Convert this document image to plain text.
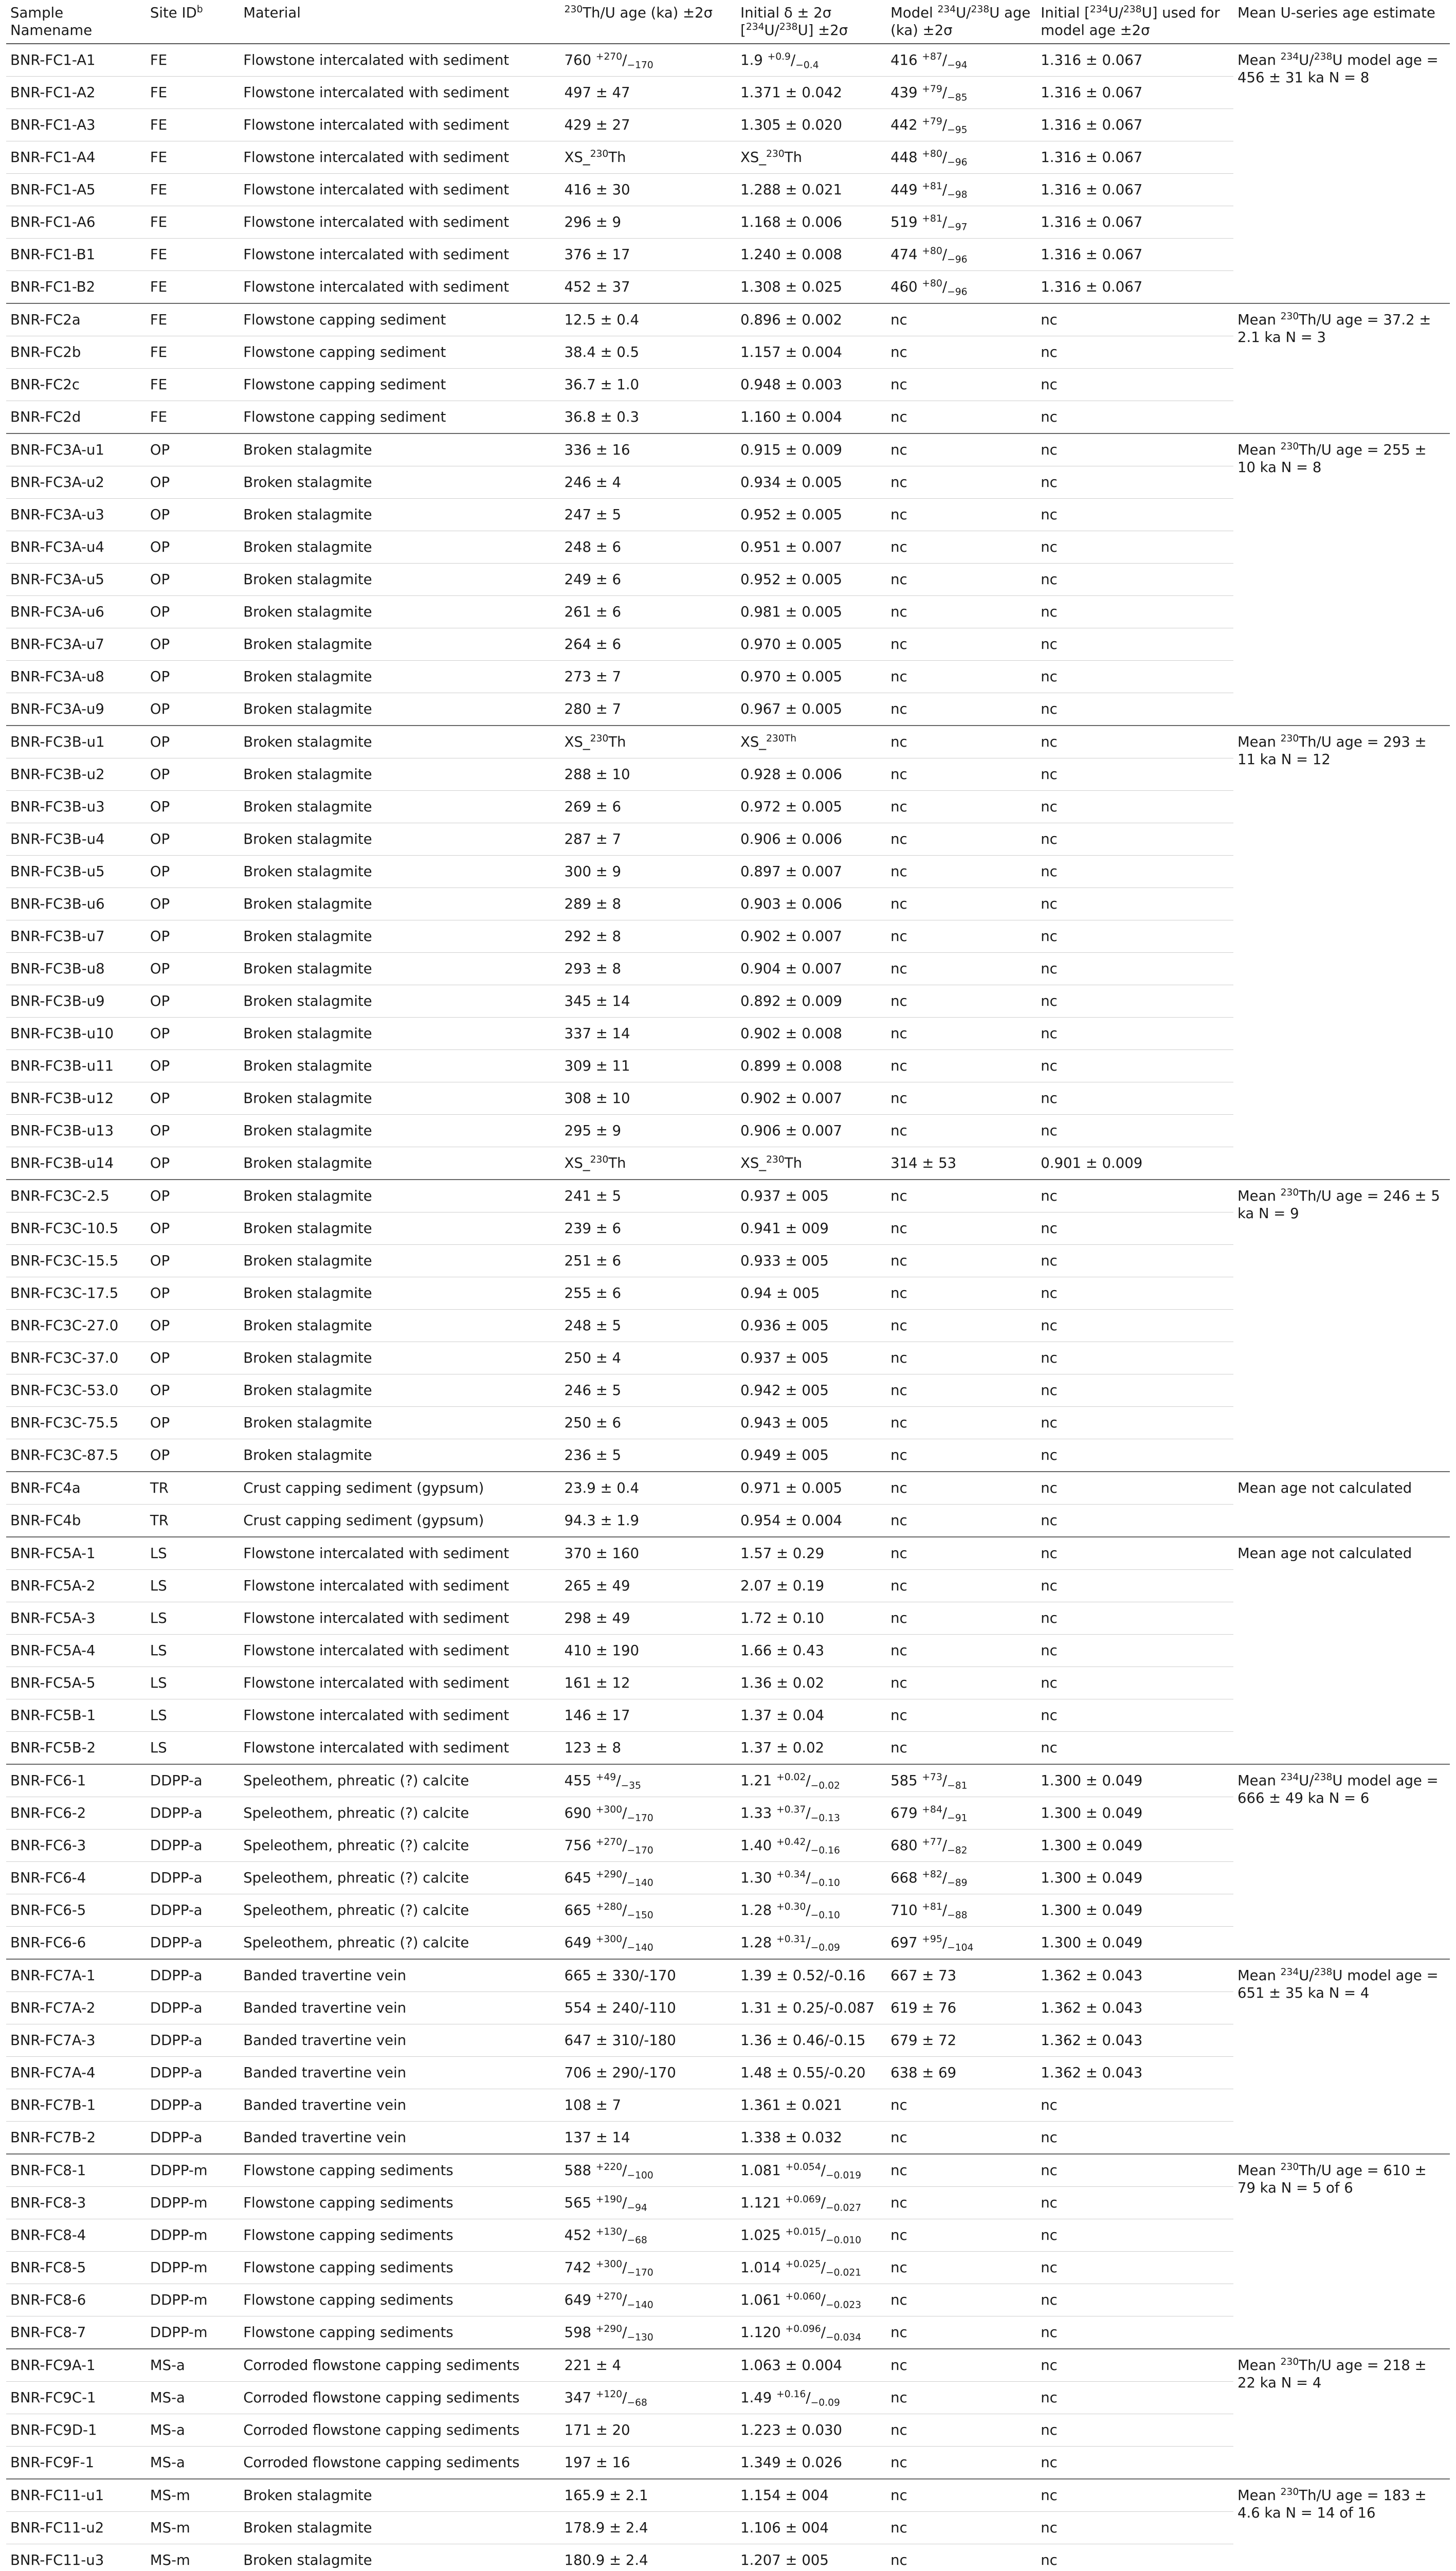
Sample Namename	Site $ID^b$	Material	$^{230}$Th/U age (ka) ±2σ	Initial δ ± 2σ [$^{234}$U/$^{238}$U] ±2σ	Model $^{234}$U/$^{238}$U age (ka) ±2σ	Initial [$^{234}$U/$^{238}$U] used for model age ±2σ	Mean U-series age estimate
BNR-FC1-A1	FE	Flowstone intercalated with sediment	760 $^{+270}/_{-170}$	1.9 $^{+0.9}/_{-0.4}$	416 $^{+87}/_{-94}$	1.316 ± 0.067	Mean $^{234}$U/$^{238}$U model age = 456 ± 31 ka N = 8
BNR-FC1-A2	FE	Flowstone intercalated with sediment	497 ± 47	1.371 ± 0.042	439 $^{+79}/_{-85}$	1.316 ± 0.067	
BNR-FC1-A3	FE	Flowstone intercalated with sediment	429 ± 27	1.305 ± 0.020	442 $^{+79}/_{-95}$	1.316 ± 0.067	
BNR-FC1-A4	FE	Flowstone intercalated with sediment	XS_$^{230}$Th	XS_$^{230}$Th	448 $^{+80}/_{-96}$	1.316 ± 0.067	
BNR-FC1-A5	FE	Flowstone intercalated with sediment	416 ± 30	1.288 ± 0.021	449 $^{+81}/_{-98}$	1.316 ± 0.067	
BNR-FC1-A6	FE	Flowstone intercalated with sediment	296 ± 9	1.168 ± 0.006	519 $^{+81}/_{-97}$	1.316 ± 0.067	
BNR-FC1-B1	FE	Flowstone intercalated with sediment	376 ± 17	1.240 ± 0.008	474 $^{+80}/_{-96}$	1.316 ± 0.067	
BNR-FC1-B2	FE	Flowstone intercalated with sediment	452 ± 37	1.308 ± 0.025	460 $^{+80}/_{-96}$	1.316 ± 0.067	
BNR-FC2a	FE	Flowstone capping sediment	12.5 ± 0.4	0.896 ± 0.002	nc	nc	Mean $^{230}$Th/U age = 37.2 ± 2.1 ka N = 3
BNR-FC2b	FE	Flowstone capping sediment	38.4 ± 0.5	1.157 ± 0.004	nc	nc	
BNR-FC2c	FE	Flowstone capping sediment	36.7 ± 1.0	0.948 ± 0.003	nc	nc	
BNR-FC2d	FE	Flowstone capping sediment	36.8 ± 0.3	1.160 ± 0.004	nc	nc	
BNR-FC3A-u1	OP	Broken stalagmite	336 ± 16	0.915 ± 0.009	nc	nc	Mean $^{230}$Th/U age = 255 ± 10 ka N = 8
BNR-FC3A-u2	OP	Broken stalagmite	246 ± 4	0.934 ± 0.005	nc	nc	
BNR-FC3A-u3	OP	Broken stalagmite	247 ± 5	0.952 ± 0.005	nc	nc	
BNR-FC3A-u4	OP	Broken stalagmite	248 ± 6	0.951 ± 0.007	nc	nc	
BNR-FC3A-u5	OP	Broken stalagmite	249 ± 6	0.952 ± 0.005	nc	nc	
BNR-FC3A-u6	OP	Broken stalagmite	261 ± 6	0.981 ± 0.005	nc	nc	
BNR-FC3A-u7	OP	Broken stalagmite	264 ± 6	0.970 ± 0.005	nc	nc	
BNR-FC3A-u8	OP	Broken stalagmite	273 ± 7	0.970 ± 0.005	nc	nc	
BNR-FC3A-u9	OP	Broken stalagmite	280 ± 7	0.967 ± 0.005	nc	nc	
BNR-FC3B-u1	OP	Broken stalagmite	XS_$^{230}$Th	XS_$^{230Th}$	nc	nc	Mean $^{230}$Th/U age = 293 ± 11 ka N = 12
BNR-FC3B-u2	OP	Broken stalagmite	288 ± 10	0.928 ± 0.006	nc	nc	
BNR-FC3B-u3	OP	Broken stalagmite	269 ± 6	0.972 ± 0.005	nc	nc	
BNR-FC3B-u4	OP	Broken stalagmite	287 ± 7	0.906 ± 0.006	nc	nc	
BNR-FC3B-u5	OP	Broken stalagmite	300 ± 9	0.897 ± 0.007	nc	nc	
BNR-FC3B-u6	OP	Broken stalagmite	289 ± 8	0.903 ± 0.006	nc	nc	
BNR-FC3B-u7	OP	Broken stalagmite	292 ± 8	0.902 ± 0.007	nc	nc	
BNR-FC3B-u8	OP	Broken stalagmite	293 ± 8	0.904 ± 0.007	nc	nc	
BNR-FC3B-u9	OP	Broken stalagmite	345 ± 14	0.892 ± 0.009	nc	nc	
BNR-FC3B-u10	OP	Broken stalagmite	337 ± 14	0.902 ± 0.008	nc	nc	
BNR-FC3B-u11	OP	Broken stalagmite	309 ± 11	0.899 ± 0.008	nc	nc	
BNR-FC3B-u12	OP	Broken stalagmite	308 ± 10	0.902 ± 0.007	nc	nc	
BNR-FC3B-u13	OP	Broken stalagmite	295 ± 9	0.906 ± 0.007	nc	nc	
BNR-FC3B-u14	OP	Broken stalagmite	XS_$^{230}$Th	XS_$^{230}$Th	314 ± 53	0.901 ± 0.009	
BNR-FC3C-2.5	OP	Broken stalagmite	241 ± 5	0.937 ± 005	nc	nc	Mean $^{230}$Th/U age = 246 ± 5 ka N = 9
BNR-FC3C-10.5	OP	Broken stalagmite	239 ± 6	0.941 ± 009	nc	nc	
BNR-FC3C-15.5	OP	Broken stalagmite	251 ± 6	0.933 ± 005	nc	nc	
BNR-FC3C-17.5	OP	Broken stalagmite	255 ± 6	0.94 ± 005	nc	nc	
BNR-FC3C-27.0	OP	Broken stalagmite	248 ± 5	0.936 ± 005	nc	nc	
BNR-FC3C-37.0	OP	Broken stalagmite	250 ± 4	0.937 ± 005	nc	nc	
BNR-FC3C-53.0	OP	Broken stalagmite	246 ± 5	0.942 ± 005	nc	nc	
BNR-FC3C-75.5	OP	Broken stalagmite	250 ± 6	0.943 ± 005	nc	nc	
BNR-FC3C-87.5	OP	Broken stalagmite	236 ± 5	0.949 ± 005	nc	nc	
BNR-FC4a	TR	Crust capping sediment (gypsum)	23.9 ± 0.4	0.971 ± 0.005	nc	nc	Mean age not calculated
BNR-FC4b	TR	Crust capping sediment (gypsum)	94.3 ± 1.9	0.954 ± 0.004	nc	nc	
BNR-FC5A-1	LS	Flowstone intercalated with sediment	370 ± 160	1.57 ± 0.29	nc	nc	Mean age not calculated
BNR-FC5A-2	LS	Flowstone intercalated with sediment	265 ± 49	2.07 ± 0.19	nc	nc	
BNR-FC5A-3	LS	Flowstone intercalated with sediment	298 ± 49	1.72 ± 0.10	nc	nc	
BNR-FC5A-4	LS	Flowstone intercalated with sediment	410 ± 190	1.66 ± 0.43	nc	nc	
BNR-FC5A-5	LS	Flowstone intercalated with sediment	161 ± 12	1.36 ± 0.02	nc	nc	
BNR-FC5B-1	LS	Flowstone intercalated with sediment	146 ± 17	1.37 ± 0.04	nc	nc	
BNR-FC5B-2	LS	Flowstone intercalated with sediment	123 ± 8	1.37 ± 0.02	nc	nc	
BNR-FC6-1	DDPP-a	Speleothem, phreatic (?) calcite	455 $^{+49}/_{-35}$	1.21 $^{+0.02}/_{-0.02}$	585 $^{+73}/_{-81}$	1.300 ± 0.049	Mean $^{234}$U/$^{238}$U model age = 666 ± 49 ka N = 6
BNR-FC6-2	DDPP-a	Speleothem, phreatic (?) calcite	690 $^{+300}/_{-170}$	1.33 $^{+0.37}/_{-0.13}$	679 $^{+84}/_{-91}$	1.300 ± 0.049	
BNR-FC6-3	DDPP-a	Speleothem, phreatic (?) calcite	756 $^{+270}/_{-170}$	1.40 $^{+0.42}/_{-0.16}$	680 $^{+77}/_{-82}$	1.300 ± 0.049	
BNR-FC6-4	DDPP-a	Speleothem, phreatic (?) calcite	645 $^{+290}/_{-140}$	1.30 $^{+0.34}/_{-0.10}$	668 $^{+82}/_{-89}$	1.300 ± 0.049	
BNR-FC6-5	DDPP-a	Speleothem, phreatic (?) calcite	665 $^{+280}/_{-150}$	1.28 $^{+0.30}/_{-0.10}$	710 $^{+81}/_{-88}$	1.300 ± 0.049	
BNR-FC6-6	DDPP-a	Speleothem, phreatic (?) calcite	649 $^{+300}/_{-140}$	1.28 $^{+0.31}/_{-0.09}$	697 $^{+95}/_{-104}$	1.300 ± 0.049	
BNR-FC7A-1	DDPP-a	Banded travertine vein	665 ± 330/-170	1.39 ± 0.52/-0.16	667 ± 73	1.362 ± 0.043	Mean $^{234}$U/$^{238}$U model age = 651 ± 35 ka N = 4
BNR-FC7A-2	DDPP-a	Banded travertine vein	554 ± 240/-110	1.31 ± 0.25/-0.087	619 ± 76	1.362 ± 0.043	
BNR-FC7A-3	DDPP-a	Banded travertine vein	647 ± 310/-180	1.36 ± 0.46/-0.15	679 ± 72	1.362 ± 0.043	
BNR-FC7A-4	DDPP-a	Banded travertine vein	706 ± 290/-170	1.48 ± 0.55/-0.20	638 ± 69	1.362 ± 0.043	
BNR-FC7B-1	DDPP-a	Banded travertine vein	108 ± 7	1.361 ± 0.021	nc	nc	
BNR-FC7B-2	DDPP-a	Banded travertine vein	137 ± 14	1.338 ± 0.032	nc	nc	
BNR-FC8-1	DDPP-m	Flowstone capping sediments	588 $^{+220}/_{-100}$	1.081 $^{+0.054}/_{-0.019}$	nc	nc	Mean $^{230}$Th/U age = 610 ± 79 ka N = 5 of 6
BNR-FC8-3	DDPP-m	Flowstone capping sediments	565 $^{+190}/_{-94}$	1.121 $^{+0.069}/_{-0.027}$	nc	nc	
BNR-FC8-4	DDPP-m	Flowstone capping sediments	452 $^{+130}/_{-68}$	1.025 $^{+0.015}/_{-0.010}$	nc	nc	
BNR-FC8-5	DDPP-m	Flowstone capping sediments	742 $^{+300}/_{-170}$	1.014 $^{+0.025}/_{-0.021}$	nc	nc	
BNR-FC8-6	DDPP-m	Flowstone capping sediments	649 $^{+270}/_{-140}$	1.061 $^{+0.060}/_{-0.023}$	nc	nc	
BNR-FC8-7	DDPP-m	Flowstone capping sediments	598 $^{+290}/_{-130}$	1.120 $^{+0.096}/_{-0.034}$	nc	nc	
BNR-FC9A-1	MS-a	Corroded flowstone capping sediments	221 ± 4	1.063 ± 0.004	nc	nc	Mean $^{230}$Th/U age = 218 ± 22 ka N = 4
BNR-FC9C-1	MS-a	Corroded flowstone capping sediments	347 $^{+120}/_{-68}$	1.49 $^{+0.16}/_{-0.09}$	nc	nc	
BNR-FC9D-1	MS-a	Corroded flowstone capping sediments	171 ± 20	1.223 ± 0.030	nc	nc	
BNR-FC9F-1	MS-a	Corroded flowstone capping sediments	197 ± 16	1.349 ± 0.026	nc	nc	
BNR-FC11-u1	MS-m	Broken stalagmite	165.9 ± 2.1	1.154 ± 004	nc	nc	Mean $^{230}$Th/U age = 183 ± 4.6 ka N = 14 of 16
BNR-FC11-u2	MS-m	Broken stalagmite	178.9 ± 2.4	1.106 ± 004	nc	nc	
BNR-FC11-u3	MS-m	Broken stalagmite	180.9 ± 2.4	1.207 ± 005	nc	nc	
